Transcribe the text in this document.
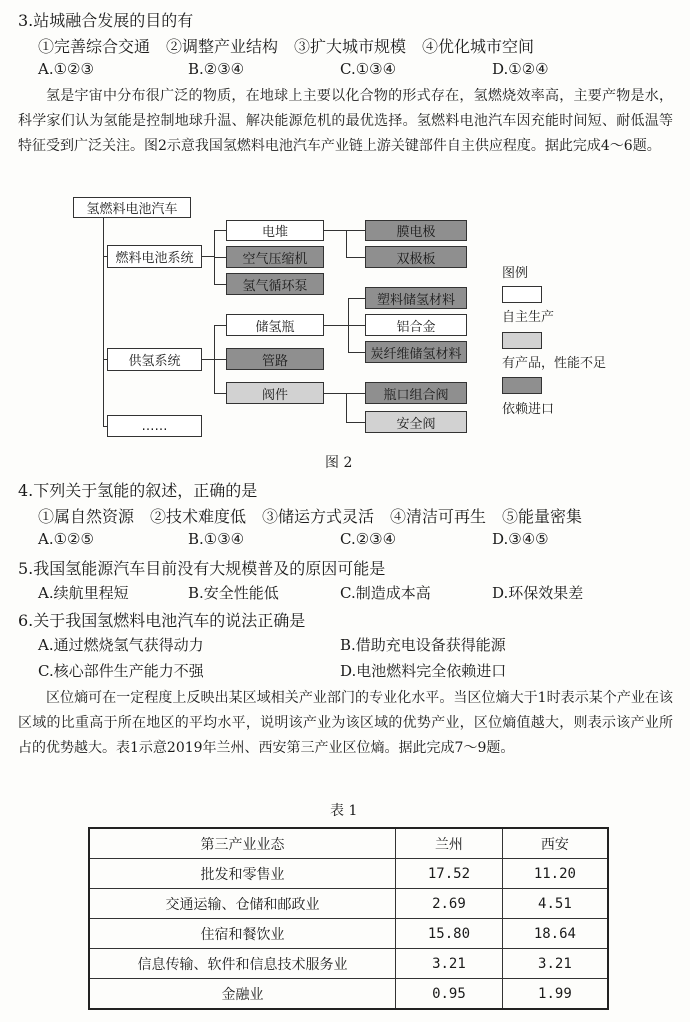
3.站城融合发展的目的有
①完善综合交通　②调整产业结构　③扩大城市规模　④优化城市空间
A.①②③	B.②③④	C.①③④	D.①②④
氢是宇宙中分布很广泛的物质，在地球上主要以化合物的形式存在，氢燃烧效率高，主要产物是水，科学家们认为氢能是控制地球升温、解决能源危机的最优选择。氢燃料电池汽车因充能时间短、耐低温等特征受到广泛关注。图2示意我国氢燃料电池汽车产业链上游关键部件自主供应程度。据此完成4～6题。
氢燃料电池汽车
燃料电池系统
电堆
空气压缩机
氢气循环泵
膜电极
双极板
供氢系统
储氢瓶
管路
阀件
塑料储氢材料
铝合金
炭纤维储氢材料
瓶口组合阀
安全阀
……
图例
自主生产
有产品，性能不足
依赖进口
图 2
4.下列关于氢能的叙述，正确的是
①属自然资源　②技术难度低　③储运方式灵活　④清洁可再生　⑤能量密集
A.①②⑤	B.①③④	C.②③④	D.③④⑤
5.我国氢能源汽车目前没有大规模普及的原因可能是
A.续航里程短	B.安全性能低	C.制造成本高	D.环保效果差
6.关于我国氢燃料电池汽车的说法正确是
A.通过燃烧氢气获得动力	B.借助充电设备获得能源
C.核心部件生产能力不强	D.电池燃料完全依赖进口
区位熵可在一定程度上反映出某区域相关产业部门的专业化水平。当区位熵大于1时表示某个产业在该区域的比重高于所在地区的平均水平，说明该产业为该区域的优势产业，区位熵值越大，则表示该产业所占的优势越大。表1示意2019年兰州、西安第三产业区位熵。据此完成7～9题。
表 1
第三产业业态	兰州	西安
批发和零售业	17.52	11.20
交通运输、仓储和邮政业	2.69	4.51
住宿和餐饮业	15.80	18.64
信息传输、软件和信息技术服务业	3.21	3.21
金融业	0.95	1.99
